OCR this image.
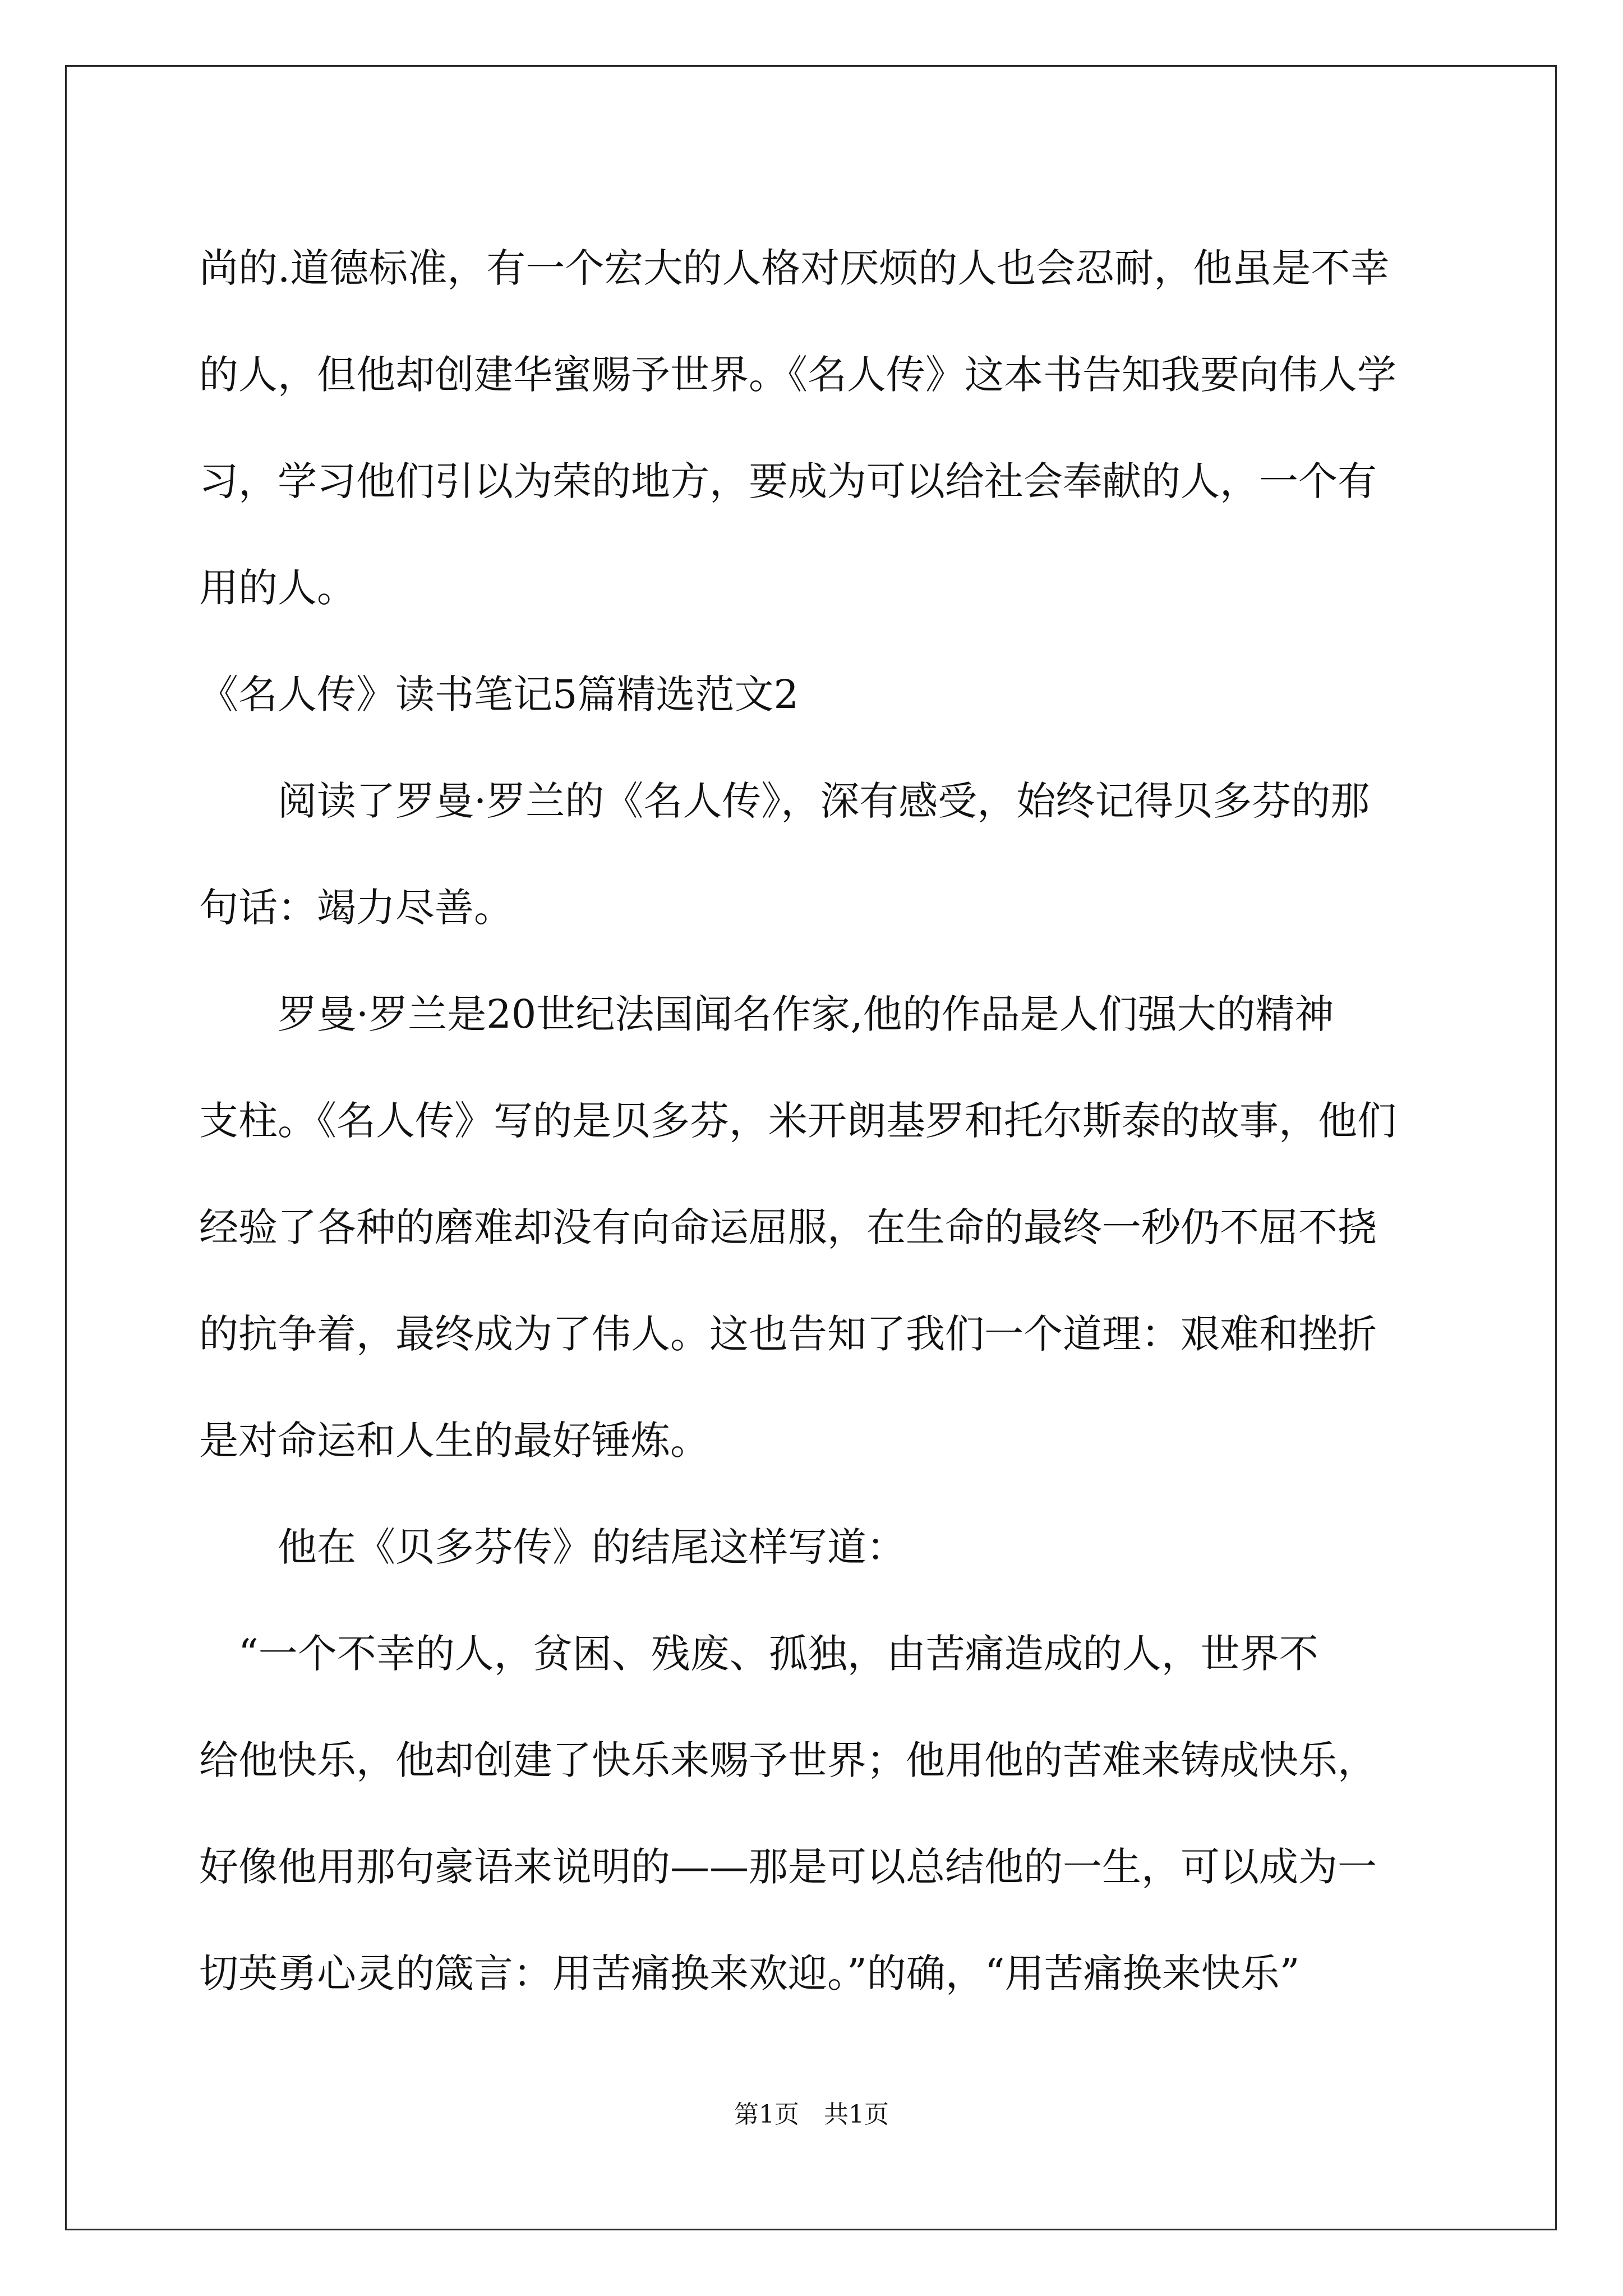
尚的.道德标准，有一个宏大的人格对厌烦的人也会忍耐，他虽是不幸
的人，但他却创建华蜜赐予世界。《名人传》这本书告知我要向伟人学
习，学习他们引以为荣的地方，要成为可以给社会奉献的人，一个有
用的人。
《名人传》读书笔记5篇精选范文2
　　阅读了罗曼·罗兰的《名人传》，深有感受，始终记得贝多芬的那
句话：竭力尽善。
　　罗曼·罗兰是20世纪法国闻名作家,他的作品是人们强大的精神
支柱。《名人传》写的是贝多芬，米开朗基罗和托尔斯泰的故事，他们
经验了各种的磨难却没有向命运屈服，在生命的最终一秒仍不屈不挠
的抗争着，最终成为了伟人。这也告知了我们一个道理：艰难和挫折
是对命运和人生的最好锤炼。
　　他在《贝多芬传》的结尾这样写道：
　“一个不幸的人，贫困、残废、孤独，由苦痛造成的人，世界不
给他快乐，他却创建了快乐来赐予世界；他用他的苦难来铸成快乐，
好像他用那句豪语来说明的——那是可以总结他的一生，可以成为一
切英勇心灵的箴言：用苦痛换来欢迎。”的确，“用苦痛换来快乐”
第1页　共1页
